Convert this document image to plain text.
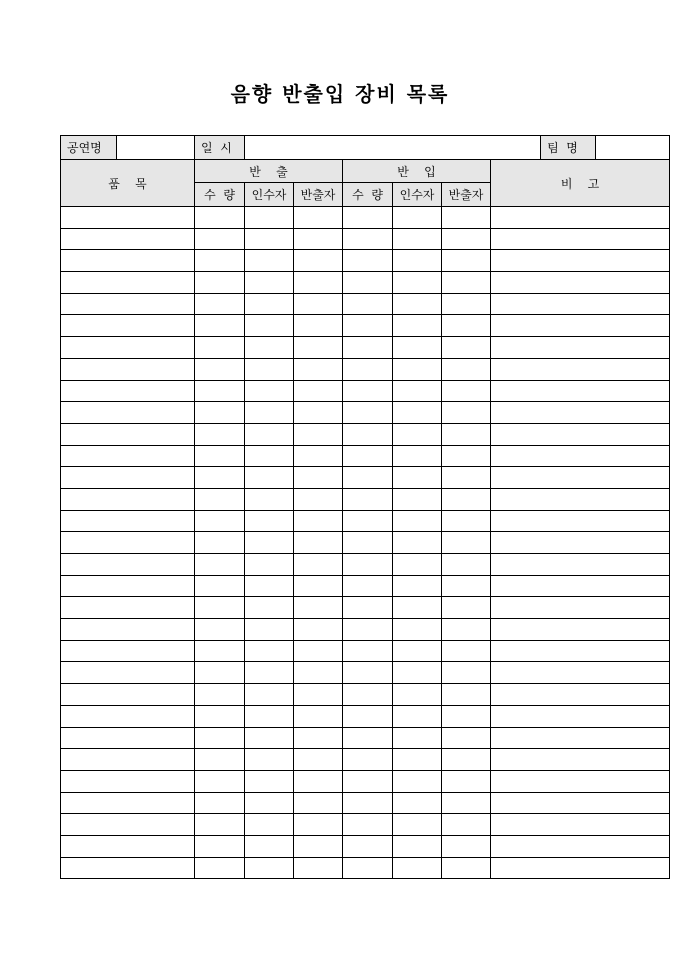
음향 반출입 장비 목록
공연명		일  시							팀  명	
품    목		반    출			반    입			비    고		
		수  량	인수자	반출자	수  량	인수자	반출자			
